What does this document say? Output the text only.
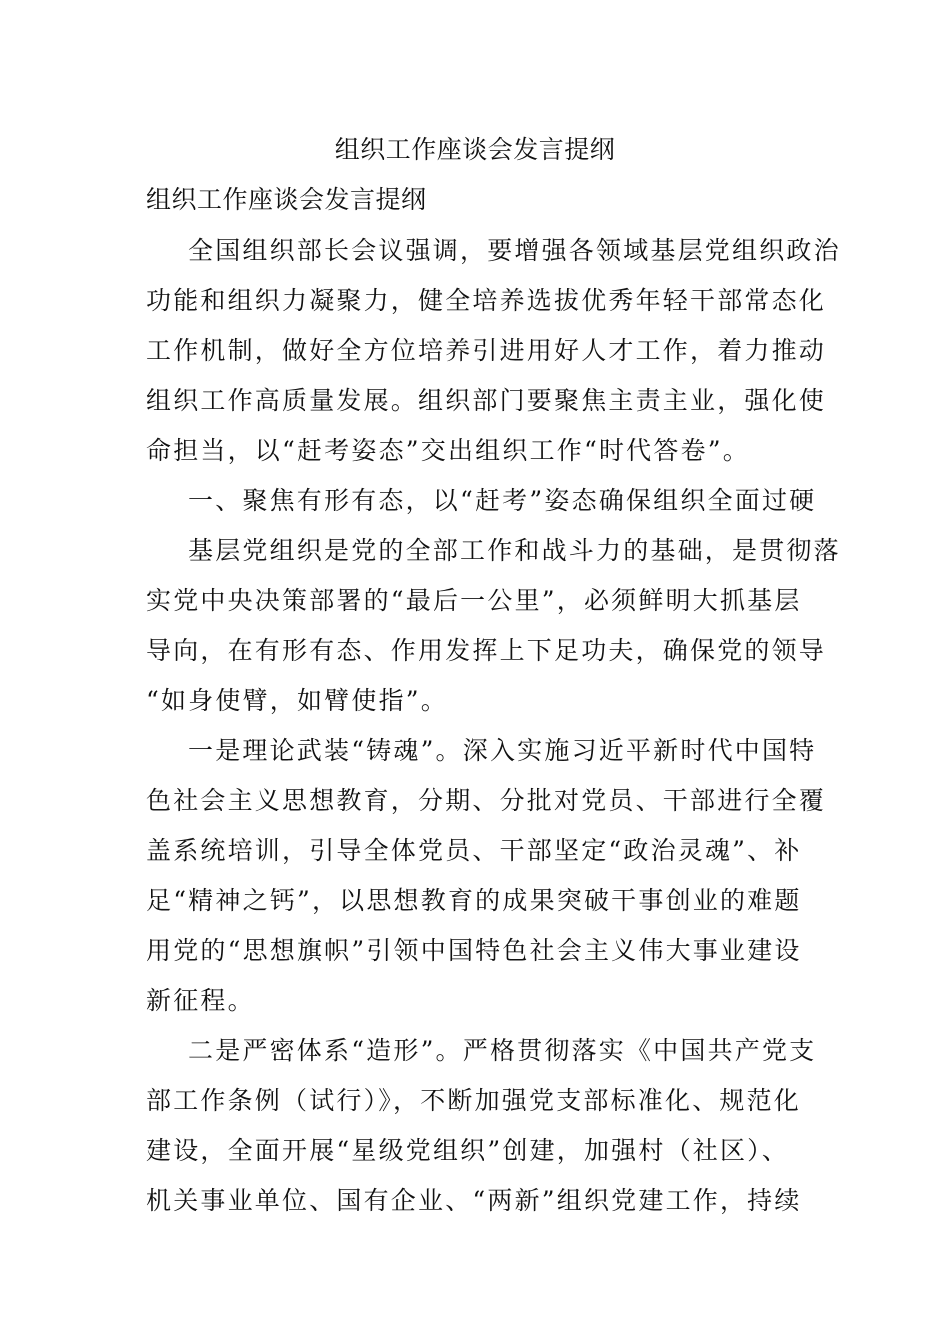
组织工作座谈会发言提纲
组织工作座谈会发言提纲
全国组织部长会议强调，要增强各领域基层党组织政治
功能和组织力凝聚力，健全培养选拔优秀年轻干部常态化
工作机制，做好全方位培养引进用好人才工作，着力推动
组织工作高质量发展。组织部门要聚焦主责主业，强化使
命担当，以“赶考姿态”交出组织工作“时代答卷”。
一、聚焦有形有态，以“赶考”姿态确保组织全面过硬
基层党组织是党的全部工作和战斗力的基础，是贯彻落
实党中央决策部署的“最后一公里”，必须鲜明大抓基层
导向，在有形有态、作用发挥上下足功夫，确保党的领导
“如身使臂，如臂使指”。
一是理论武装“铸魂”。深入实施习近平新时代中国特
色社会主义思想教育，分期、分批对党员、干部进行全覆
盖系统培训，引导全体党员、干部坚定“政治灵魂”、补
足“精神之钙”，以思想教育的成果突破干事创业的难题
用党的“思想旗帜”引领中国特色社会主义伟大事业建设
新征程。
二是严密体系“造形”。严格贯彻落实《中国共产党支
部工作条例（试行）》，不断加强党支部标准化、规范化
建设，全面开展“星级党组织”创建，加强村（社区）、
机关事业单位、国有企业、“两新”组织党建工作，持续
